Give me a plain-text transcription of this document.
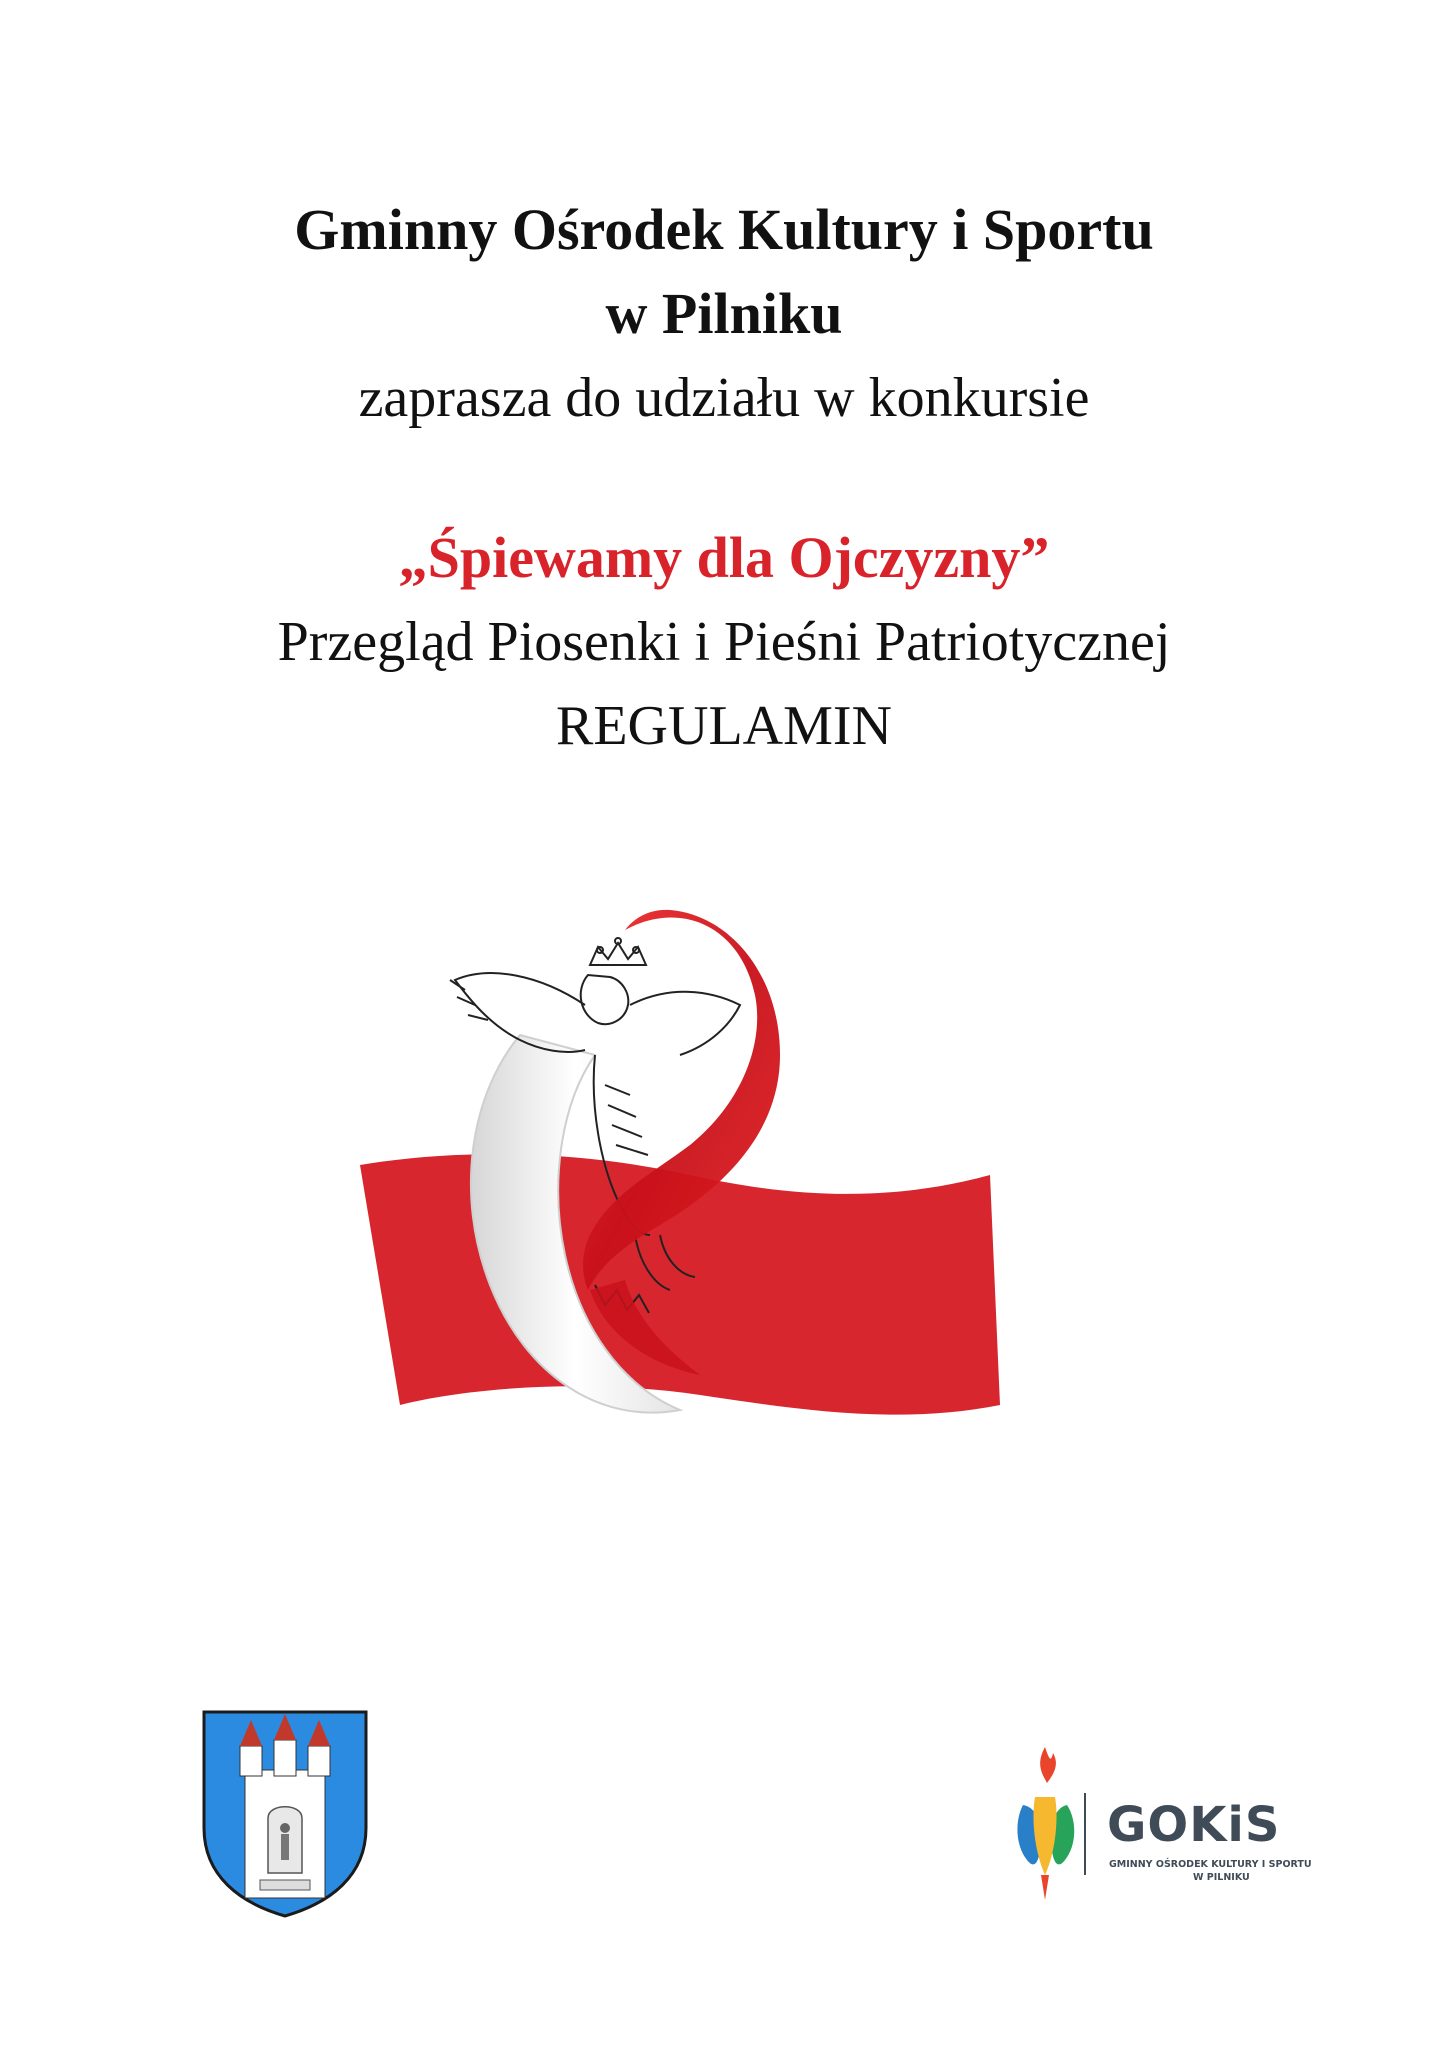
Gminny Ośrodek Kultury i Sportu
w Pilniku
zaprasza do udziału w konkursie
„Śpiewamy dla Ojczyzny”
Przegląd Piosenki i Pieśni Patriotycznej
REGULAMIN
GOKiS
GMINNY OŚRODEK KULTURY I SPORTU
W PILNIKU
